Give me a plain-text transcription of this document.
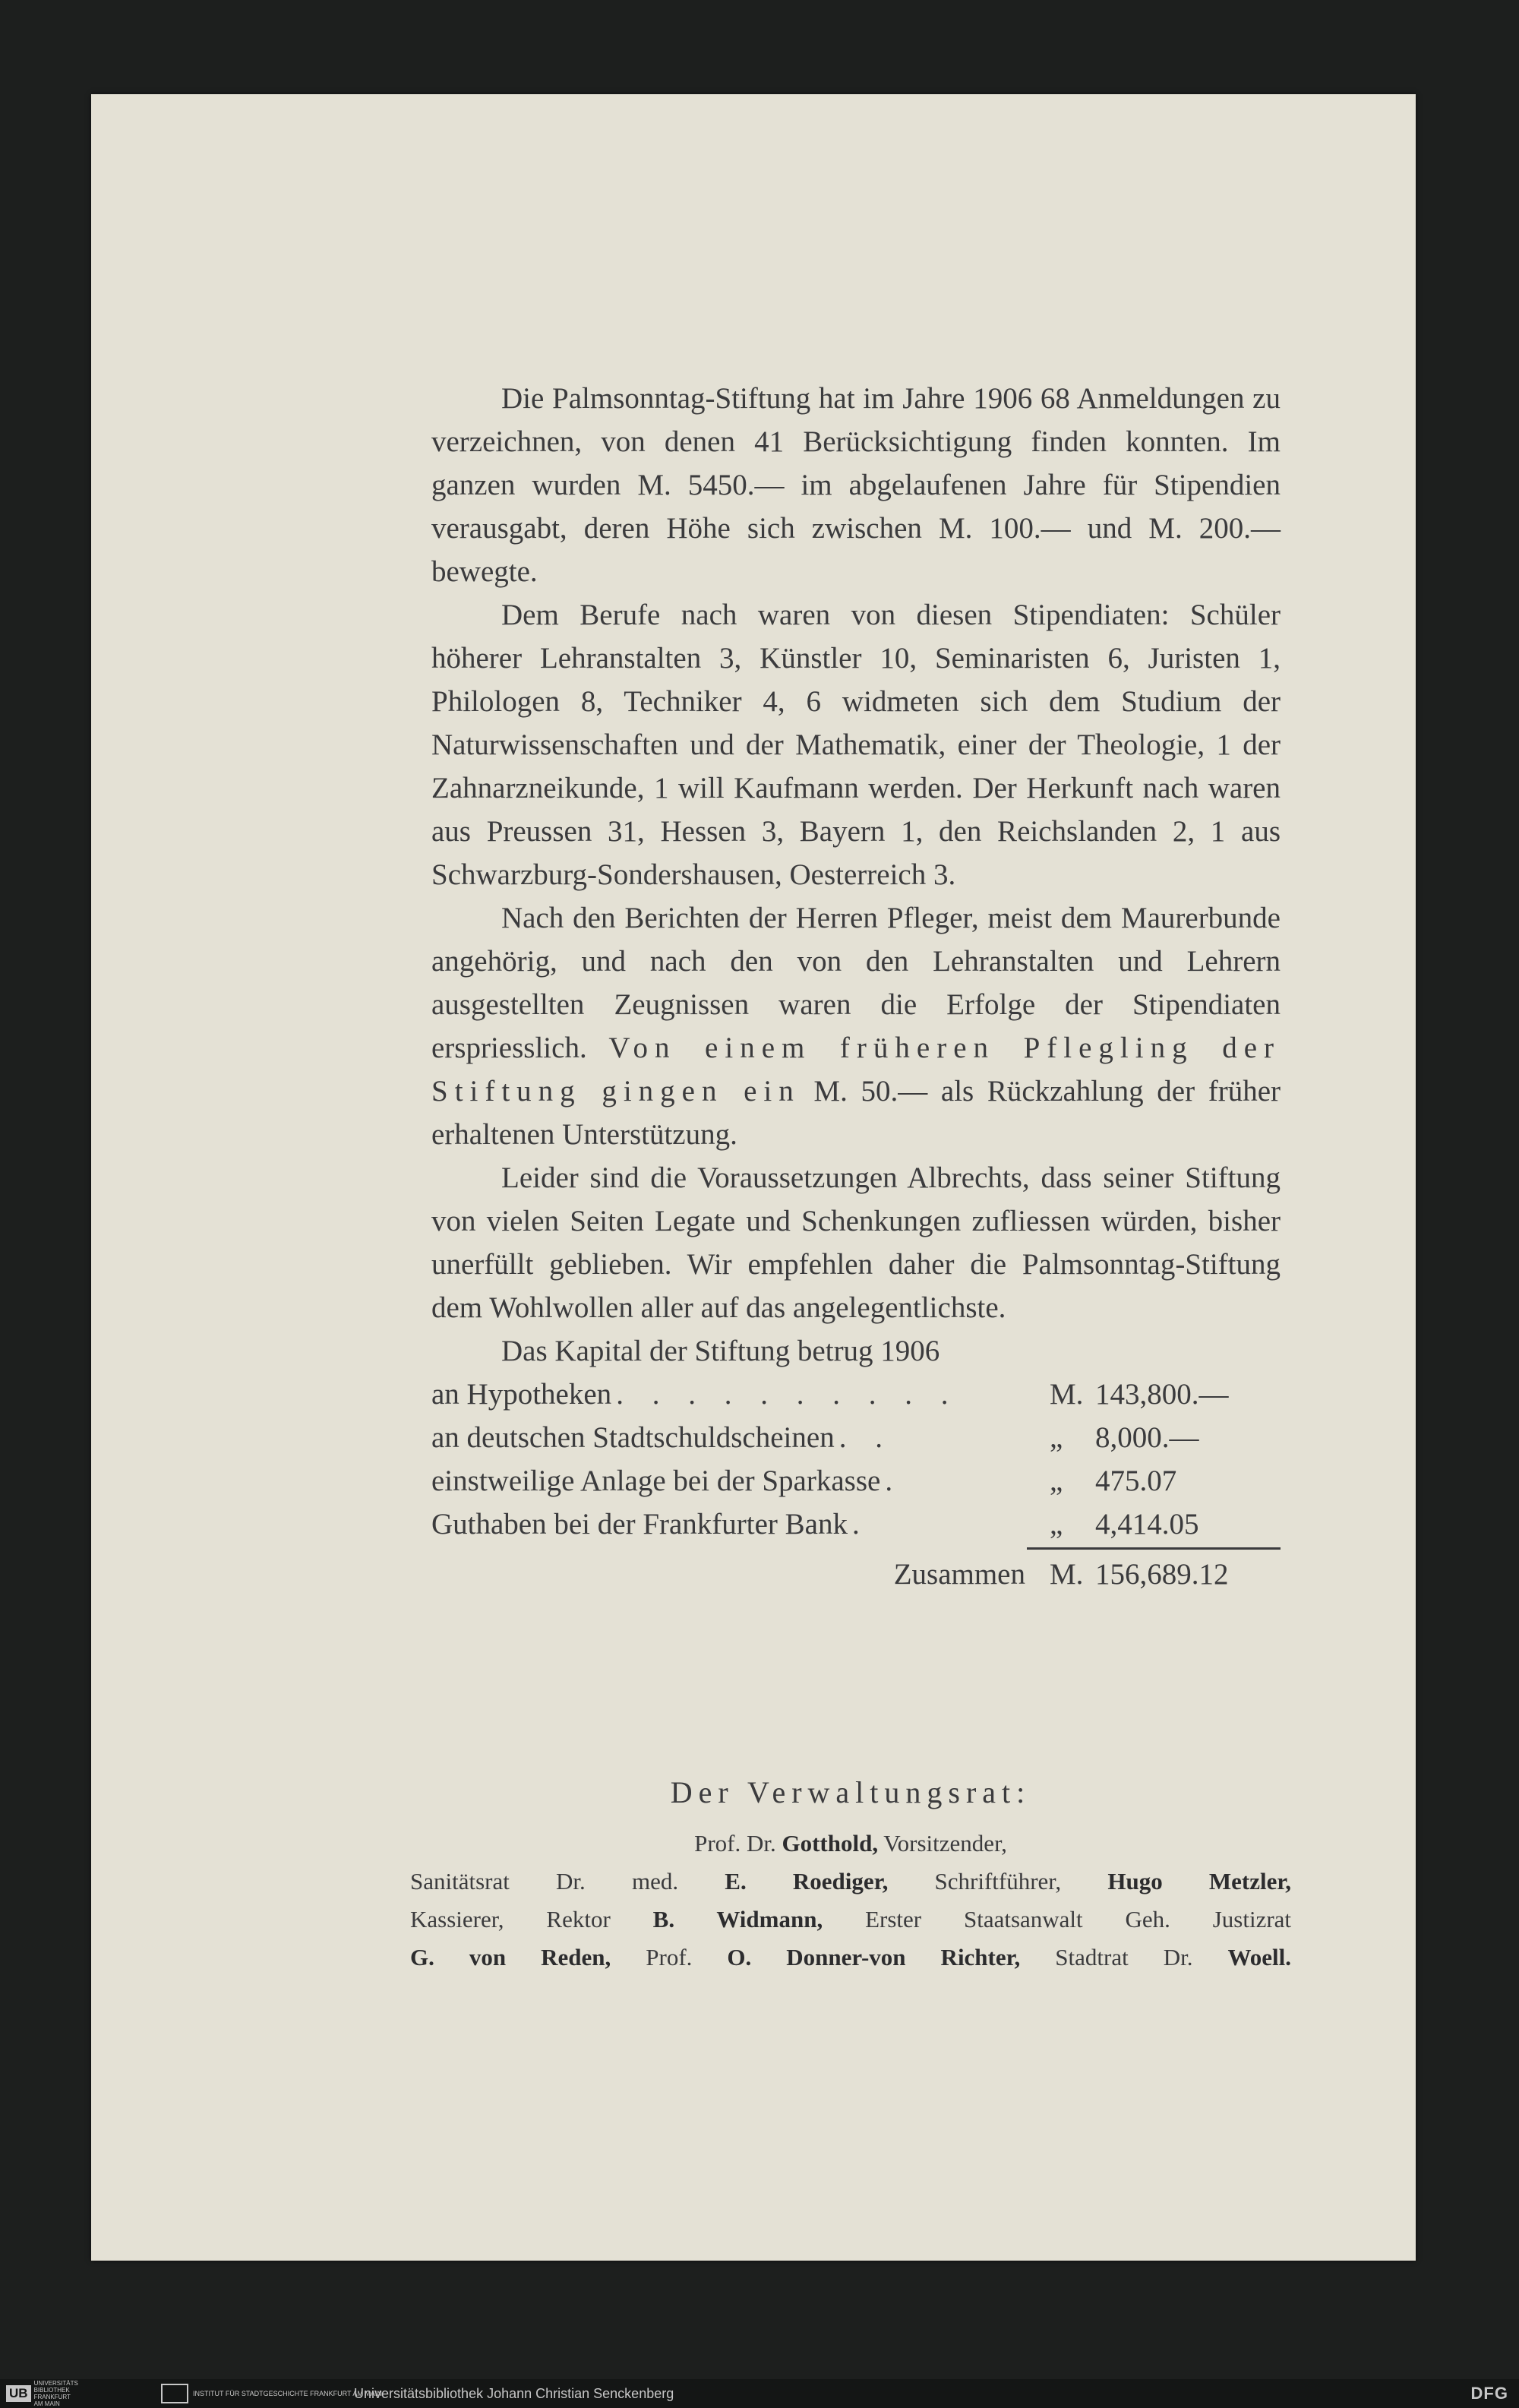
Die Palmsonntag-Stiftung hat im Jahre 1906 68 Anmeldungen zu verzeichnen, von denen 41 Berücksichtigung finden konnten. Im ganzen wurden M. 5450.— im abgelaufenen Jahre für Stipendien verausgabt, deren Höhe sich zwischen M. 100.— und M. 200.— bewegte.

Dem Berufe nach waren von diesen Stipendiaten: Schüler höherer Lehranstalten 3, Künstler 10, Seminaristen 6, Juristen 1, Philologen 8, Techniker 4, 6 widmeten sich dem Studium der Naturwissenschaften und der Mathematik, einer der Theologie, 1 der Zahnarzneikunde, 1 will Kaufmann werden. Der Herkunft nach waren aus Preussen 31, Hessen 3, Bayern 1, den Reichslanden 2, 1 aus Schwarzburg-Sondershausen, Oesterreich 3.

Nach den Berichten der Herren Pfleger, meist dem Maurerbunde angehörig, und nach den von den Lehranstalten und Lehrern ausgestellten Zeugnissen waren die Erfolge der Stipendiaten erspriesslich. Von einem früheren Pflegling der Stiftung gingen ein M. 50.— als Rückzahlung der früher erhaltenen Unterstützung.

Leider sind die Voraussetzungen Albrechts, dass seiner Stiftung von vielen Seiten Legate und Schenkungen zufliessen würden, bisher unerfüllt geblieben. Wir empfehlen daher die Palmsonntag-Stiftung dem Wohlwollen aller auf das angelegentlichste.

Das Kapital der Stiftung betrug 1906

an Hypotheken . . . . . . . . . .	M. 143,800.—
an deutschen Stadtschuldscheinen . .	„	8,000.—
einstweilige Anlage bei der Sparkasse .	„	475.07
Guthaben bei der Frankfurter Bank .	„	4,414.05
Zusammen M. 156,689.12

Der Verwaltungsrat:

Prof. Dr. Gotthold, Vorsitzender,

Sanitätsrat Dr. med. E. Roediger, Schriftführer, Hugo Metzler,

Kassierer, Rektor B. Widmann, Erster Staatsanwalt Geh. Justizrat

G. von Reden, Prof. O. Donner-von Richter, Stadtrat Dr. Woell.

UB
UNIVERSITÄTS BIBLIOTHEK FRANKFURT AM MAIN
INSTITUT FÜR STADTGESCHICHTE FRANKFURT AM MAIN
Universitätsbibliothek Johann Christian Senckenberg	DFG
